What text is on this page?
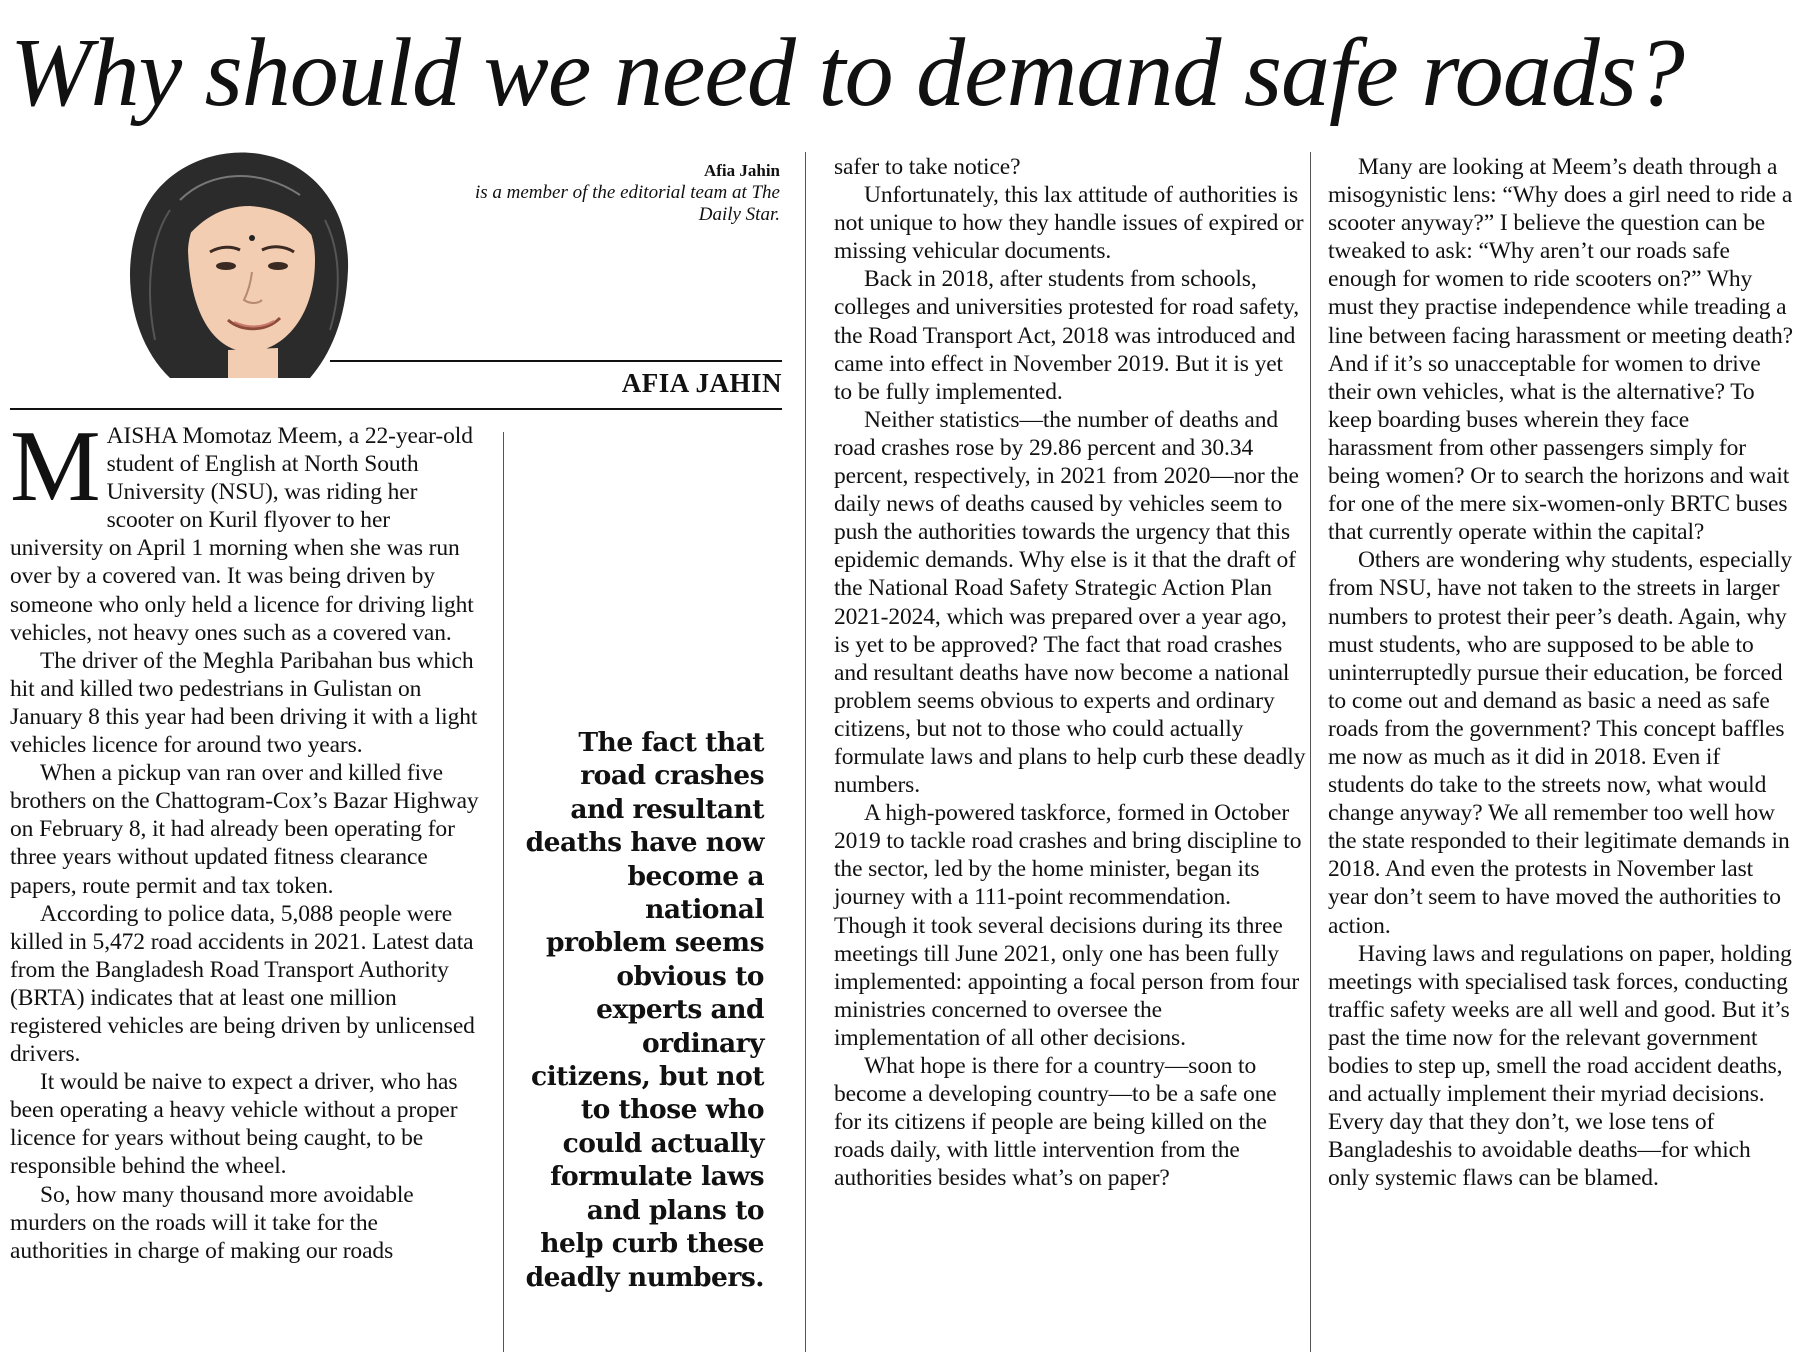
Why should we need to demand safe roads?
Afia Jahin
is a member of the editorial team at The Daily Star.
AFIA JAHIN

MAISHA Momotaz Meem, a 22-year-old student of English at North South University (NSU), was riding her scooter on Kuril flyover to her university on April 1 morning when she was run over by a covered van. It was being driven by someone who only held a licence for driving light vehicles, not heavy ones such as a covered van.

The driver of the Meghla Paribahan bus which hit and killed two pedestrians in Gulistan on January 8 this year had been driving it with a light vehicles licence for around two years.

When a pickup van ran over and killed five brothers on the Chattogram-Cox’s Bazar Highway on February 8, it had already been operating for three years without updated fitness clearance papers, route permit and tax token.

According to police data, 5,088 people were killed in 5,472 road accidents in 2021. Latest data from the Bangladesh Road Transport Authority (BRTA) indicates that at least one million registered vehicles are being driven by unlicensed drivers.

It would be naive to expect a driver, who has been operating a heavy vehicle without a proper licence for years without being caught, to be responsible behind the wheel.

So, how many thousand more avoidable murders on the roads will it take for the authorities in charge of making our roads

The fact that road crashes and resultant deaths have now become a national problem seems obvious to experts and ordinary citizens, but not to those who could actually formulate laws and plans to help curb these deadly numbers.

safer to take notice?

Unfortunately, this lax attitude of authorities is not unique to how they handle issues of expired or missing vehicular documents.

Back in 2018, after students from schools, colleges and universities protested for road safety, the Road Transport Act, 2018 was introduced and came into effect in November 2019. But it is yet to be fully implemented.

Neither statistics—the number of deaths and road crashes rose by 29.86 percent and 30.34 percent, respectively, in 2021 from 2020—nor the daily news of deaths caused by vehicles seem to push the authorities towards the urgency that this epidemic demands. Why else is it that the draft of the National Road Safety Strategic Action Plan 2021-2024, which was prepared over a year ago, is yet to be approved? The fact that road crashes and resultant deaths have now become a national problem seems obvious to experts and ordinary citizens, but not to those who could actually formulate laws and plans to help curb these deadly numbers.

A high-powered taskforce, formed in October 2019 to tackle road crashes and bring discipline to the sector, led by the home minister, began its journey with a 111-point recommendation. Though it took several decisions during its three meetings till June 2021, only one has been fully implemented: appointing a focal person from four ministries concerned to oversee the implementation of all other decisions.

What hope is there for a country—soon to become a developing country—to be a safe one for its citizens if people are being killed on the roads daily, with little intervention from the authorities besides what’s on paper?

Many are looking at Meem’s death through a misogynistic lens: “Why does a girl need to ride a scooter anyway?” I believe the question can be tweaked to ask: “Why aren’t our roads safe enough for women to ride scooters on?” Why must they practise independence while treading a line between facing harassment or meeting death? And if it’s so unacceptable for women to drive their own vehicles, what is the alternative? To keep boarding buses wherein they face harassment from other passengers simply for being women? Or to search the horizons and wait for one of the mere six-women-only BRTC buses that currently operate within the capital?

Others are wondering why students, especially from NSU, have not taken to the streets in larger numbers to protest their peer’s death. Again, why must students, who are supposed to be able to uninterruptedly pursue their education, be forced to come out and demand as basic a need as safe roads from the government? This concept baffles me now as much as it did in 2018. Even if students do take to the streets now, what would change anyway? We all remember too well how the state responded to their legitimate demands in 2018. And even the protests in November last year don’t seem to have moved the authorities to action.

Having laws and regulations on paper, holding meetings with specialised task forces, conducting traffic safety weeks are all well and good. But it’s past the time now for the relevant government bodies to step up, smell the road accident deaths, and actually implement their myriad decisions. Every day that they don’t, we lose tens of Bangladeshis to avoidable deaths—for which only systemic flaws can be blamed.
